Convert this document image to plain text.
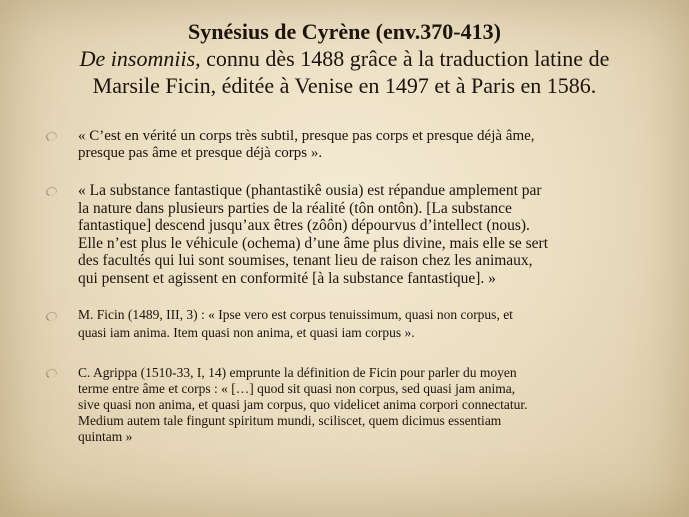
Synésius de Cyrène (env.370-413)

De insomniis, connu dès 1488 grâce à la traduction latine de

Marsile Ficin, éditée à Venise en 1497 et à Paris en 1586.

« C’est en vérité un corps très subtil, presque pas corps et presque déjà âme,

presque pas âme et presque déjà corps ».

« La substance fantastique (phantastikê ousia) est répandue amplement par

la nature dans plusieurs parties de la réalité (tôn ontôn). [La substance

fantastique] descend jusqu’aux êtres (zôôn) dépourvus d’intellect (nous).

Elle n’est plus le véhicule (ochema) d’une âme plus divine, mais elle se sert

des facultés qui lui sont soumises, tenant lieu de raison chez les animaux,

qui pensent et agissent en conformité [à la substance fantastique]. »

M. Ficin (1489, III, 3) : « Ipse vero est corpus tenuissimum, quasi non corpus, et

quasi iam anima. Item quasi non anima, et quasi iam corpus ».

C. Agrippa (1510-33, I, 14) emprunte la définition de Ficin pour parler du moyen

terme entre âme et corps : « […] quod sit quasi non corpus, sed quasi jam anima,

sive quasi non anima, et quasi jam corpus, quo videlicet anima corpori connectatur.

Medium autem tale fingunt spiritum mundi, sciliscet, quem dicimus essentiam

quintam »
